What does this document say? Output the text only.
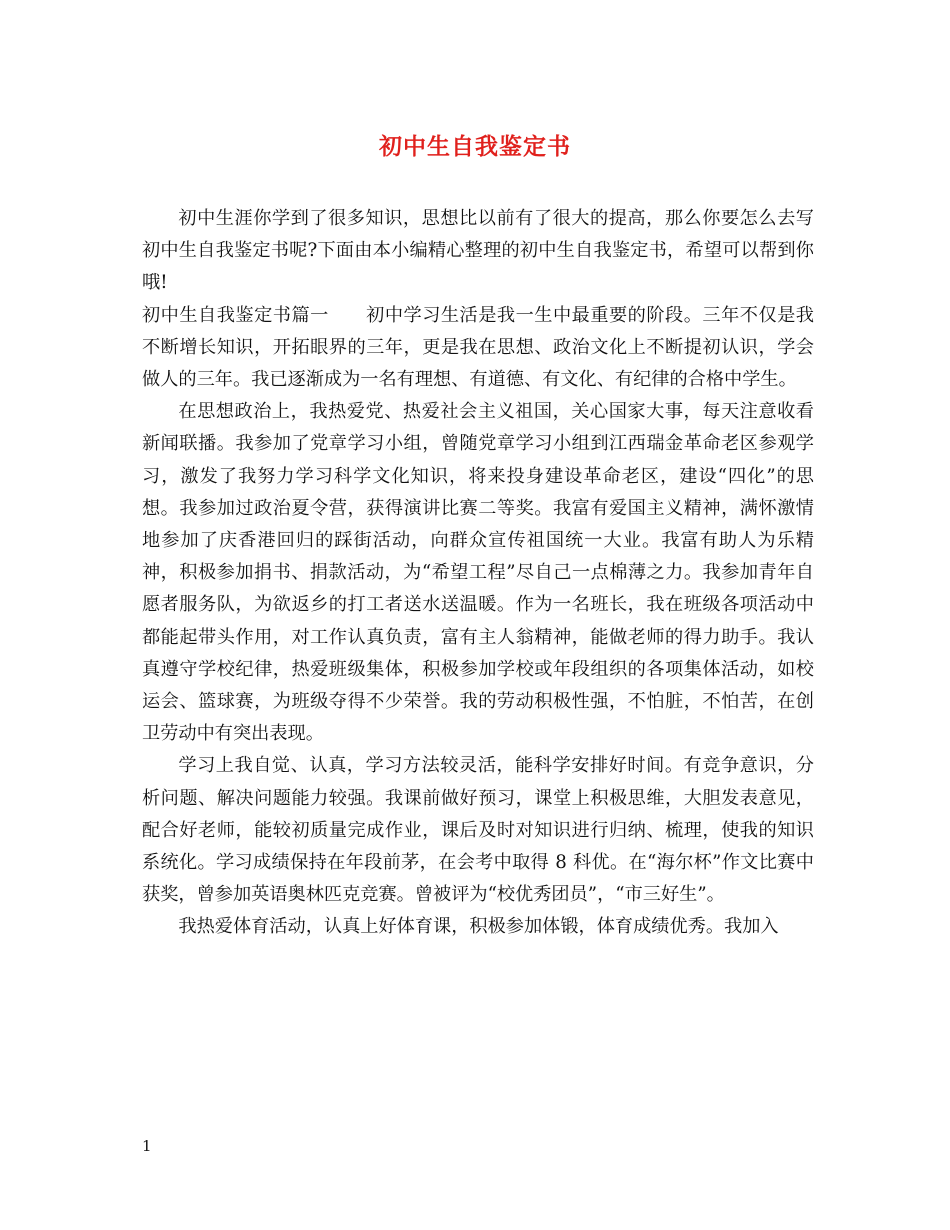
初中生自我鉴定书

初中生涯你学到了很多知识，思想比以前有了很大的提高，那么你要怎么去写初中生自我鉴定书呢?下面由本小编精心整理的初中生自我鉴定书，希望可以帮到你哦!

初中生自我鉴定书篇一　　初中学习生活是我一生中最重要的阶段。三年不仅是我不断增长知识，开拓眼界的三年，更是我在思想、政治文化上不断提初认识，学会做人的三年。我已逐渐成为一名有理想、有道德、有文化、有纪律的合格中学生。

在思想政治上，我热爱党、热爱社会主义祖国，关心国家大事，每天注意收看新闻联播。我参加了党章学习小组，曾随党章学习小组到江西瑞金革命老区参观学习，激发了我努力学习科学文化知识，将来投身建设革命老区，建设“四化”的思想。我参加过政治夏令营，获得演讲比赛二等奖。我富有爱国主义精神，满怀激情地参加了庆香港回归的踩街活动，向群众宣传祖国统一大业。我富有助人为乐精神，积极参加捐书、捐款活动，为“希望工程”尽自己一点棉薄之力。我参加青年自愿者服务队，为欲返乡的打工者送水送温暖。作为一名班长，我在班级各项活动中都能起带头作用，对工作认真负责，富有主人翁精神，能做老师的得力助手。我认真遵守学校纪律，热爱班级集体，积极参加学校或年段组织的各项集体活动，如校运会、篮球赛，为班级夺得不少荣誉。我的劳动积极性强，不怕脏，不怕苦，在创卫劳动中有突出表现。

学习上我自觉、认真，学习方法较灵活，能科学安排好时间。有竞争意识，分析问题、解决问题能力较强。我课前做好预习，课堂上积极思维，大胆发表意见，配合好老师，能较初质量完成作业，课后及时对知识进行归纳、梳理，使我的知识系统化。学习成绩保持在年段前茅，在会考中取得 8 科优。在“海尔杯”作文比赛中获奖，曾参加英语奥林匹克竞赛。曾被评为“校优秀团员”，“市三好生”。

我热爱体育活动，认真上好体育课，积极参加体锻，体育成绩优秀。我加入

1
